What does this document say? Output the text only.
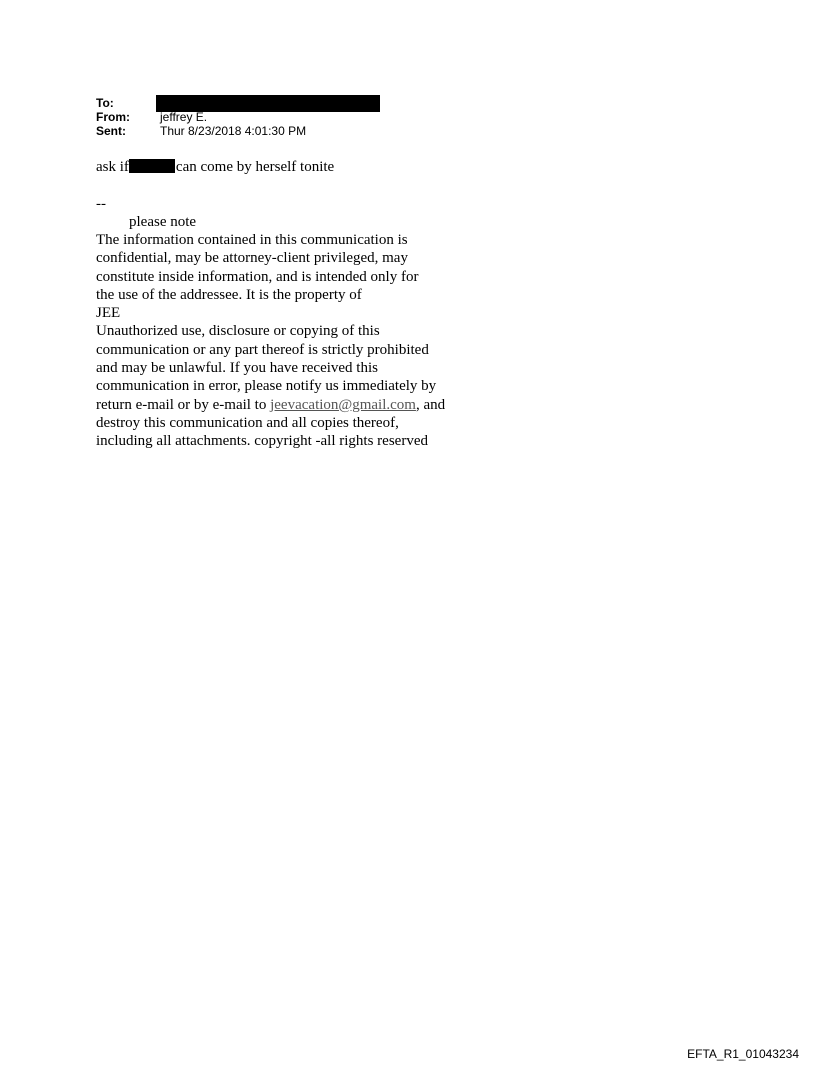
To:
From:	jeffrey E.
Sent:	Thur 8/23/2018 4:01:30 PM
ask if	can come by herself tonite
--
please note
The information contained in this communication is
confidential, may be attorney-client privileged, may
constitute inside information, and is intended only for
the use of the addressee. It is the property of
JEE
Unauthorized use, disclosure or copying of this
communication or any part thereof is strictly prohibited
and may be unlawful. If you have received this
communication in error, please notify us immediately by
return e-mail or by e-mail to jeevacation@gmail.com, and
destroy this communication and all copies thereof,
including all attachments. copyright -all rights reserved
EFTA_R1_01043234
